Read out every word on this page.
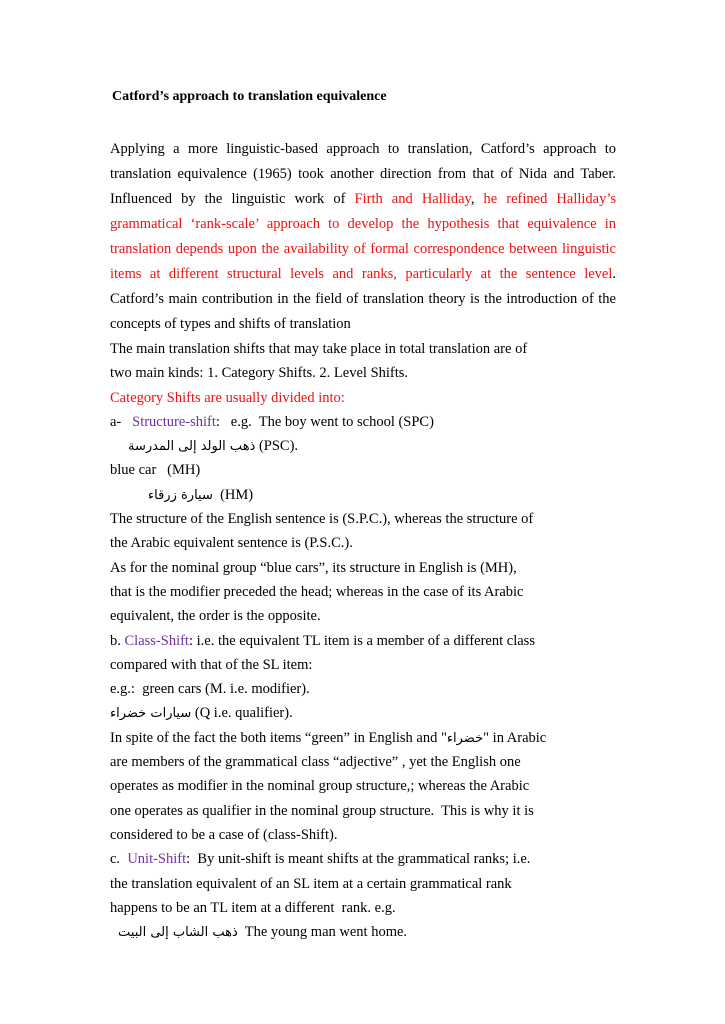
Catford’s approach to translation equivalence

Applying a more linguistic-based approach to translation, Catford’s approach to translation equivalence (1965) took another direction from that of Nida and Taber. Influenced by the linguistic work of Firth and Halliday, he refined Halliday’s grammatical ‘rank-scale’ approach to develop the hypothesis that equivalence in translation depends upon the availability of formal correspondence between linguistic items at different structural levels and ranks, particularly at the sentence level. Catford’s main contribution in the field of translation theory is the introduction of the concepts of types and shifts of translation

The main translation shifts that may take place in total translation are of
two main kinds: 1. Category Shifts. 2. Level Shifts.
Category Shifts are usually divided into:
a-   Structure-shift:   e.g.  The boy went to school (SPC)
ذهب الولد إلى المدرسة (PSC).
blue car   (MH)
سيارة زرقاء  (HM)
The structure of the English sentence is (S.P.C.), whereas the structure of
the Arabic equivalent sentence is (P.S.C.).
As for the nominal group “blue cars”, its structure in English is (MH),
that is the modifier preceded the head; whereas in the case of its Arabic
equivalent, the order is the opposite.
b. Class-Shift: i.e. the equivalent TL item is a member of a different class
compared with that of the SL item:
e.g.:  green cars (M. i.e. modifier).
سيارات خضراء (Q i.e. qualifier).
In spite of the fact the both items “green” in English and "خضراء" in Arabic
are members of the grammatical class “adjective” , yet the English one
operates as modifier in the nominal group structure,; whereas the Arabic
one operates as qualifier in the nominal group structure.  This is why it is
considered to be a case of (class-Shift).
c.  Unit-Shift:  By unit-shift is meant shifts at the grammatical ranks; i.e.
the translation equivalent of an SL item at a certain grammatical rank
happens to be an TL item at a different  rank. e.g.
ذهب الشاب إلى البيت  The young man went home.
